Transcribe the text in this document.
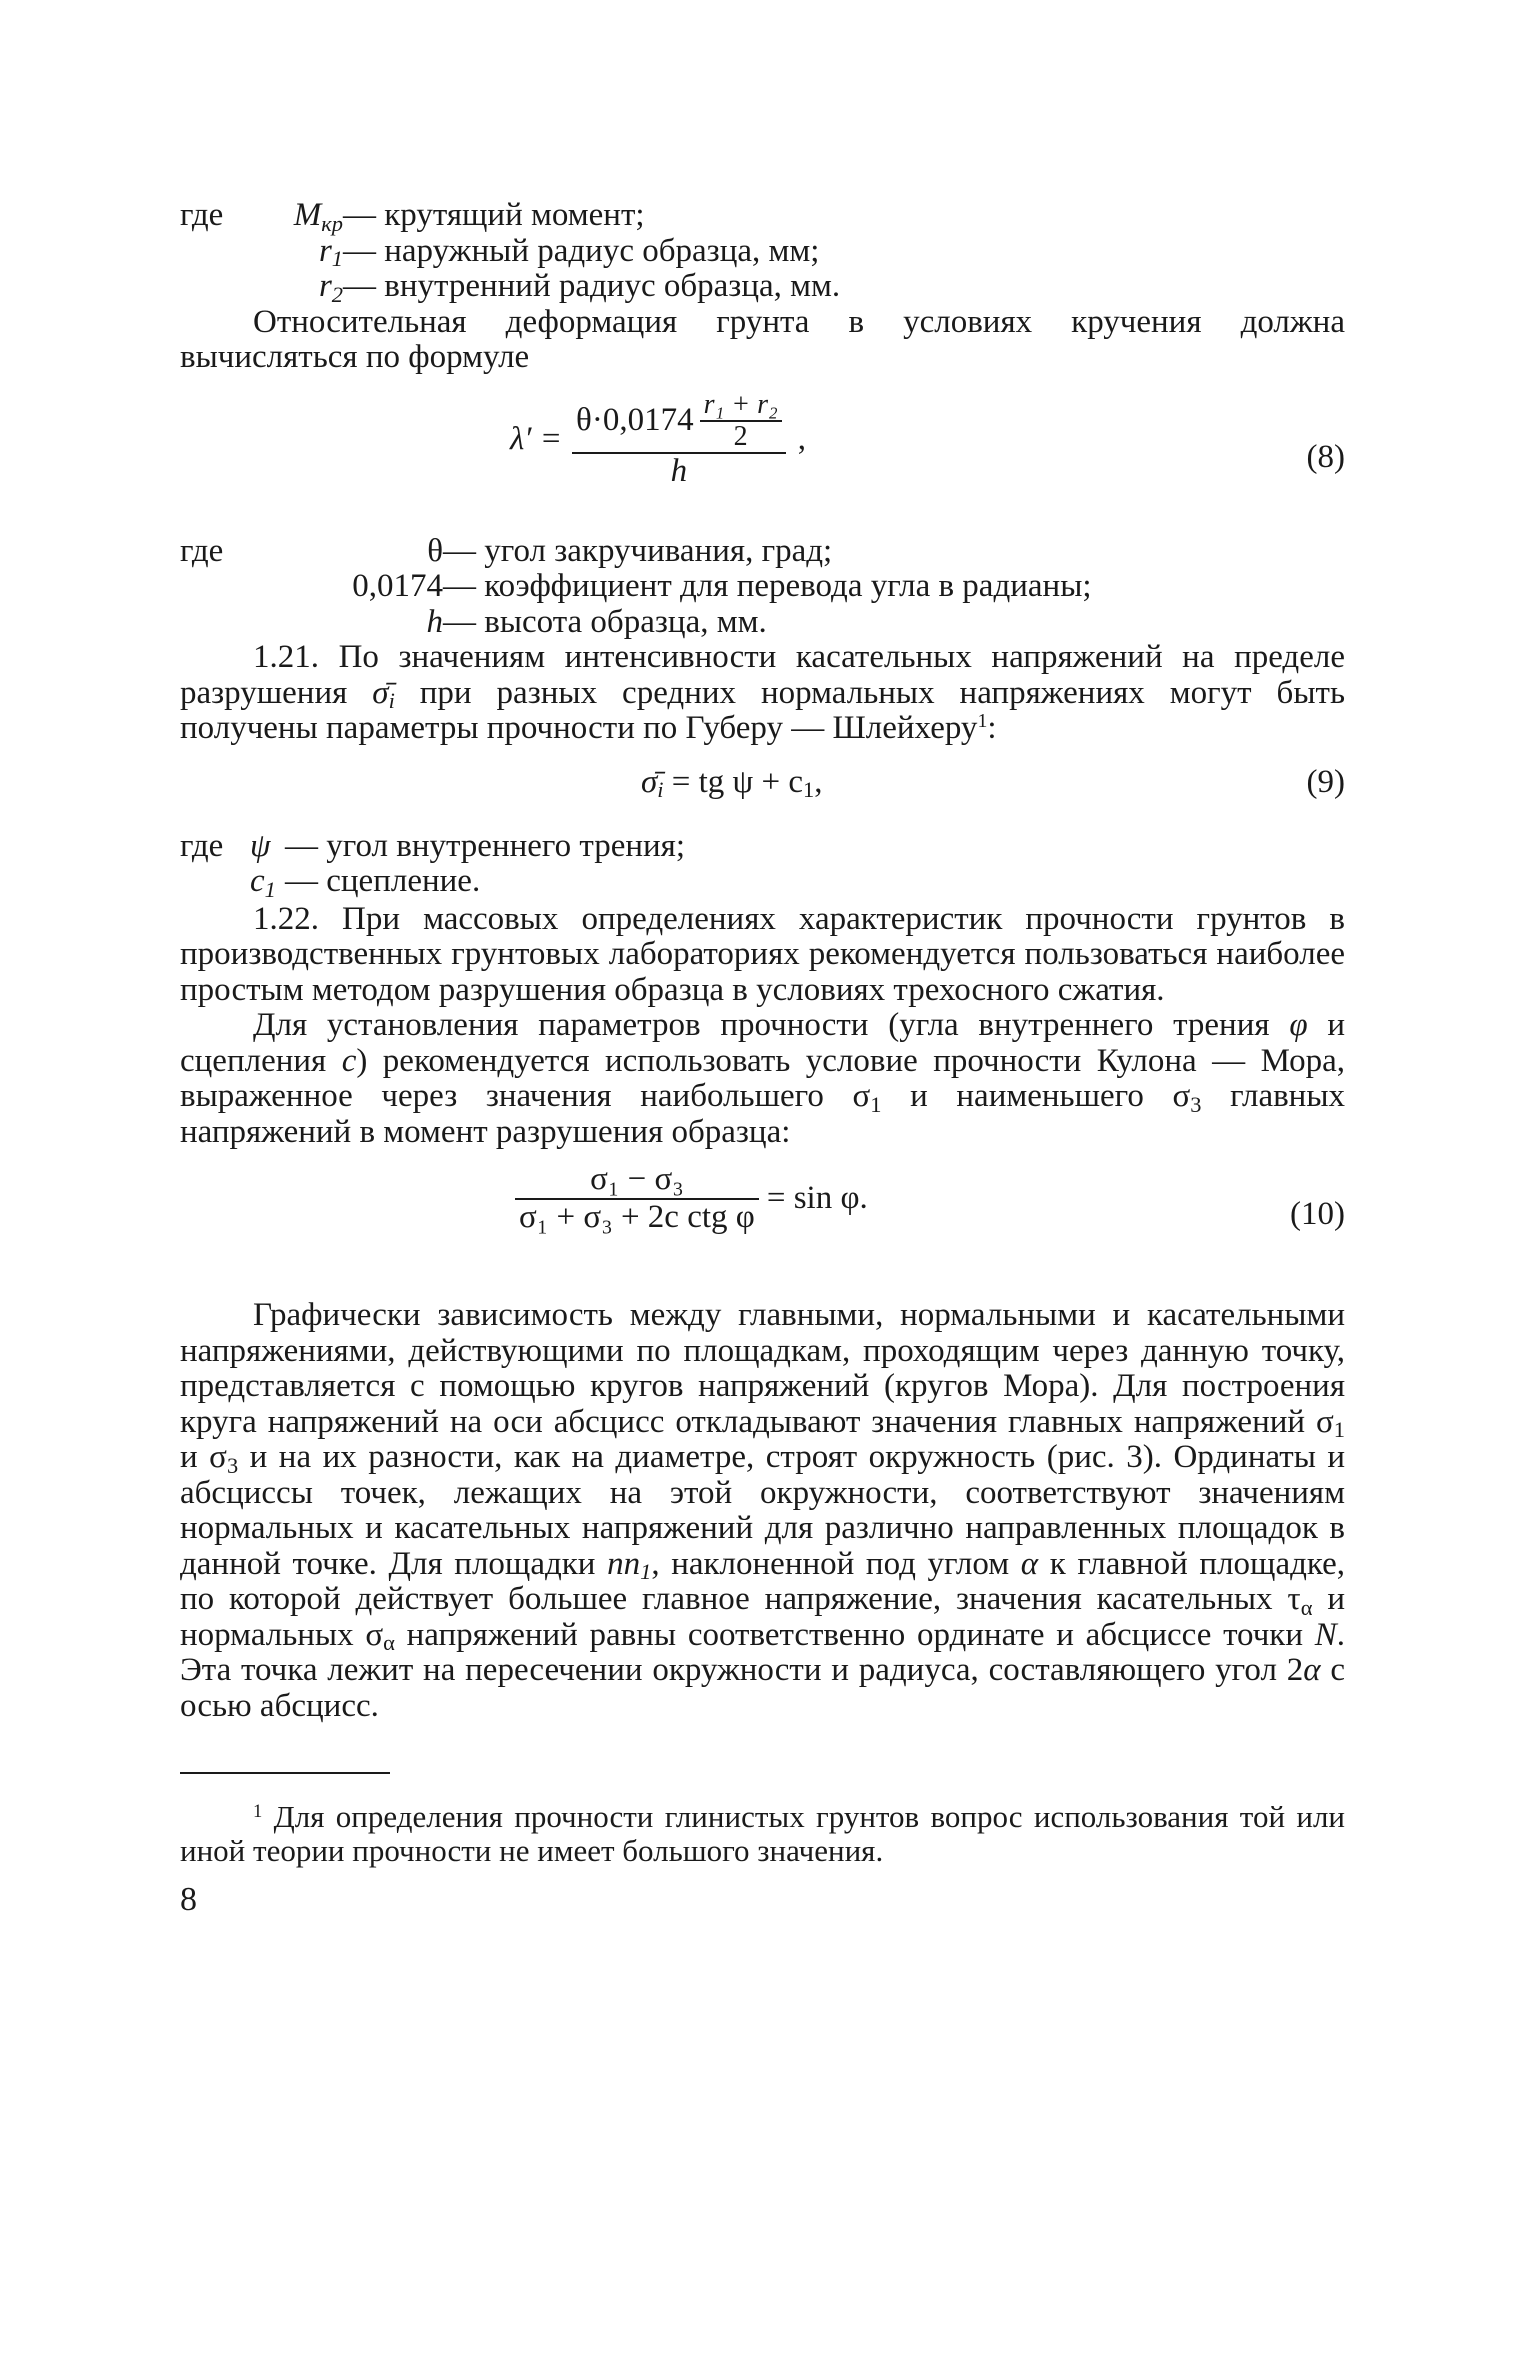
где	$M_{кр}$ — крутящий момент;
$r_1$ — наружный радиус образца, мм;
$r_2$ — внутренний радиус образца, мм.

Относительная деформация грунта в условиях кручения должна вычисляться по формуле

λ′ =
$\theta\cdot 0,0174 \frac{\text{r₁ + r₂}}{2}$
h
,	(8)
где	θ — угол закручивания, град;
0,0174 — коэффициент для перевода угла в радианы;
h — высота образца, мм.

1.21. По значениям интенсивности касательных напряжений на пределе разрушения $\sigmā_i$ при разных средних нормальных напряжениях могут быть получены параметры прочности по Губеру — Шлейхеру$^1$:

$\sigmā_i$ = tg $\psi + c_1$,	(9)
где ψ — угол внутреннего трения;
$c_1$ — сцепление.

1.22. При массовых определениях характеристик прочности грунтов в производственных грунтовых лабораториях рекомендуется пользоваться наиболее простым методом разрушения образца в условиях трехосного сжатия.

Для установления параметров прочности (угла внутреннего трения φ и сцепления с) рекомендуется использовать условие прочности Кулона — Мора, выраженное через значения наибольшего $\sigma_1$ и наименьшего $\sigma_3$ главных напряжений в момент разрушения образца:

$\frac{\text{σ₁ − σ₃}}{\text{σ₁ + σ₃ + 2c ctg φ}} = \sin \varphi$.	(10)

Графически зависимость между главными, нормальными и касательными напряжениями, действующими по площадкам, проходящим через данную точку, представляется с помощью кругов напряжений (кругов Мора). Для построения круга напряжений на оси абсцисс откладывают значения главных напряжений $\sigma_1$ и $\sigma_3$ и на их разности, как на диаметре, строят окружность (рис. 3). Ординаты и абсциссы точек, лежащих на этой окружности, соответствуют значениям нормальных и касательных напряжений для различно направленных площадок в данной точке. Для площадки $nn_1$, наклоненной под углом α к главной площадке, по которой действует большее главное напряжение, значения касательных $\tau_\alpha$ и нормальных $\sigma_\alpha$ напряжений равны соответственно ординате и абсциссе точки N. Эта точка лежит на пересечении окружности и радиуса, составляющего угол 2α с осью абсцисс.

$^1$ Для определения прочности глинистых грунтов вопрос использования той или иной теории прочности не имеет большого значения.

8
